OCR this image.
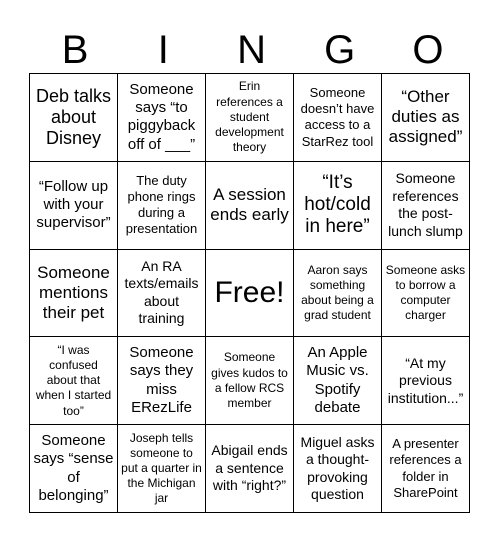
B	I	N	G	O
Deb talks about Disney
Someone says “to piggyback off of ___”
Erin references a student development theory
Someone doesn’t have access to a StarRez tool
“Other duties as assigned”
“Follow up with your supervisor”
The duty phone rings during a presentation
A session ends early
“It’s hot/cold in here”
Someone references the post-lunch slump
Someone mentions their pet
An RA texts/emails about training
Free!
Aaron says something about being a grad student
Someone asks to borrow a computer charger
“I was confused about that when I started too”
Someone says they miss ERezLife
Someone gives kudos to a fellow RCS member
An Apple Music vs. Spotify debate
“At my previous institution...”
Someone says “sense of belonging”
Joseph tells someone to put a quarter in the Michigan jar
Abigail ends a sentence with “right?”
Miguel asks a thought-provoking question
A presenter references a folder in SharePoint
